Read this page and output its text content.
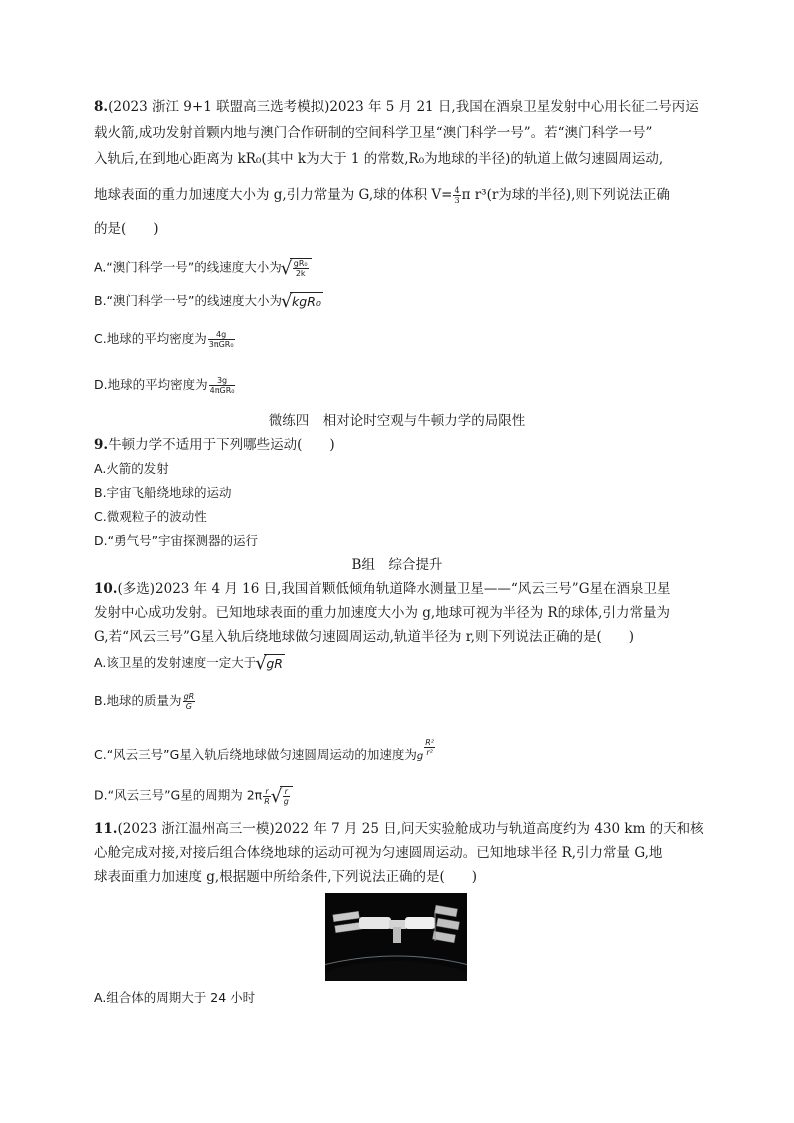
8.(2023 浙江 9+1 联盟高三选考模拟)2023 年 5 月 21 日,我国在酒泉卫星发射中心用长征二号丙运
载火箭,成功发射首颗内地与澳门合作研制的空间科学卫星“澳门科学一号”。若“澳门科学一号”
入轨后,在到地心距离为 kR₀(其中 k为大于 1 的常数,R₀为地球的半径)的轨道上做匀速圆周运动,
地球表面的重力加速度大小为 g,引力常量为 G,球的体积 $V= \frac{4}{3}$ π r³(r为球的半径),则下列说法正确
的是(　　)
A.“澳门科学一号”的线速度大小为 √ $\frac{\text{gR₀}}{2k}$
B.“澳门科学一号”的线速度大小为 √ kgR₀
C.地球的平均密度为 $\frac{4g}{\text{3πGR₀}}$
D.地球的平均密度为 $\frac{3g}{\text{4πGR₀}}$
微练四　相对论时空观与牛顿力学的局限性
9.牛顿力学不适用于下列哪些运动(　　)
A.火箭的发射
B.宇宙飞船绕地球的运动
C.微观粒子的波动性
D.“勇气号”宇宙探测器的运行
B组　综合提升
10.(多选)2023 年 4 月 16 日,我国首颗低倾角轨道降水测量卫星——“风云三号”G星在酒泉卫星
发射中心成功发射。已知地球表面的重力加速度大小为 g,地球可视为半径为 R的球体,引力常量为
G,若“风云三号”G星入轨后绕地球做匀速圆周运动,轨道半径为 r,则下列说法正确的是(　　)
A.该卫星的发射速度一定大于 √ gR
B.地球的质量为 $\frac{gR}{G}$
C.“风云三号”G星入轨后绕地球做匀速圆周运动的加速度为g $\frac{\text{R²}}{\text{r²}}$
D.“风云三号”G星的周期为 $2\pi \frac{r}{R}$ √ $\frac{r}{g}$
11.(2023 浙江温州高三一模)2022 年 7 月 25 日,问天实验舱成功与轨道高度约为 430 km 的天和核
心舱完成对接,对接后组合体绕地球的运动可视为匀速圆周运动。已知地球半径 R,引力常量 G,地
球表面重力加速度 g,根据题中所给条件,下列说法正确的是(　　)
A.组合体的周期大于 24 小时
